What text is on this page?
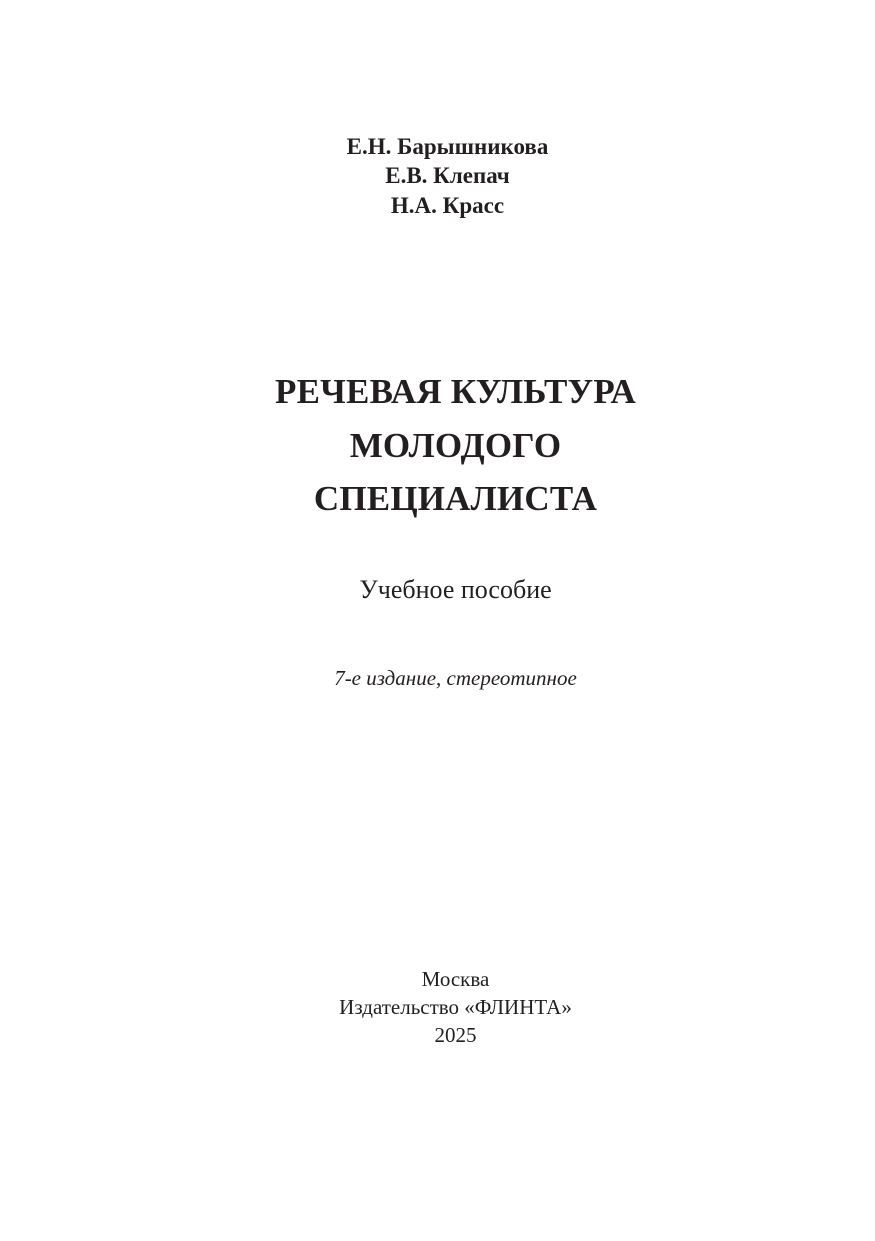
Е.Н. Барышникова

Е.В. Клепач

Н.А. Красс

РЕЧЕВАЯ КУЛЬТУРА

МОЛОДОГО

СПЕЦИАЛИСТА

Учебное пособие

7-е издание, стереотипное

Москва

Издательство «ФЛИНТА»

2025
